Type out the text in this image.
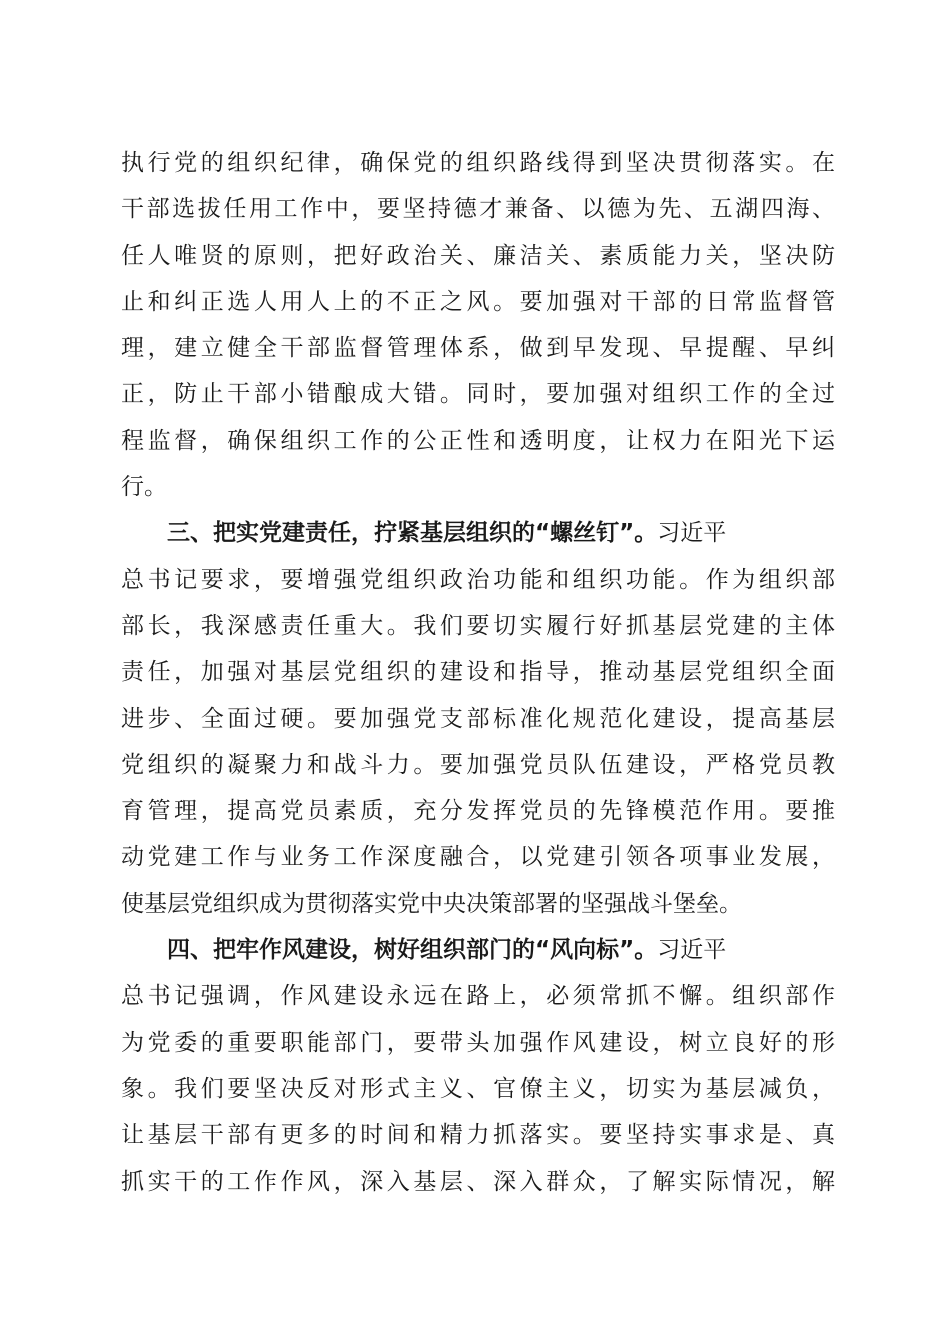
执行党的组织纪律，确保党的组织路线得到坚决贯彻落实。在
干部选拔任用工作中，要坚持德才兼备、以德为先、五湖四海、
任人唯贤的原则，把好政治关、廉洁关、素质能力关，坚决防
止和纠正选人用人上的不正之风。要加强对干部的日常监督管
理，建立健全干部监督管理体系，做到早发现、早提醒、早纠
正，防止干部小错酿成大错。同时，要加强对组织工作的全过
程监督，确保组织工作的公正性和透明度，让权力在阳光下运
行。
三、把实党建责任，拧紧基层组织的“螺丝钉”。习近平
总书记要求，要增强党组织政治功能和组织功能。作为组织部
部长，我深感责任重大。我们要切实履行好抓基层党建的主体
责任，加强对基层党组织的建设和指导，推动基层党组织全面
进步、全面过硬。要加强党支部标准化规范化建设，提高基层
党组织的凝聚力和战斗力。要加强党员队伍建设，严格党员教
育管理，提高党员素质，充分发挥党员的先锋模范作用。要推
动党建工作与业务工作深度融合，以党建引领各项事业发展，
使基层党组织成为贯彻落实党中央决策部署的坚强战斗堡垒。
四、把牢作风建设，树好组织部门的“风向标”。习近平
总书记强调，作风建设永远在路上，必须常抓不懈。组织部作
为党委的重要职能部门，要带头加强作风建设，树立良好的形
象。我们要坚决反对形式主义、官僚主义，切实为基层减负，
让基层干部有更多的时间和精力抓落实。要坚持实事求是、真
抓实干的工作作风，深入基层、深入群众，了解实际情况，解
